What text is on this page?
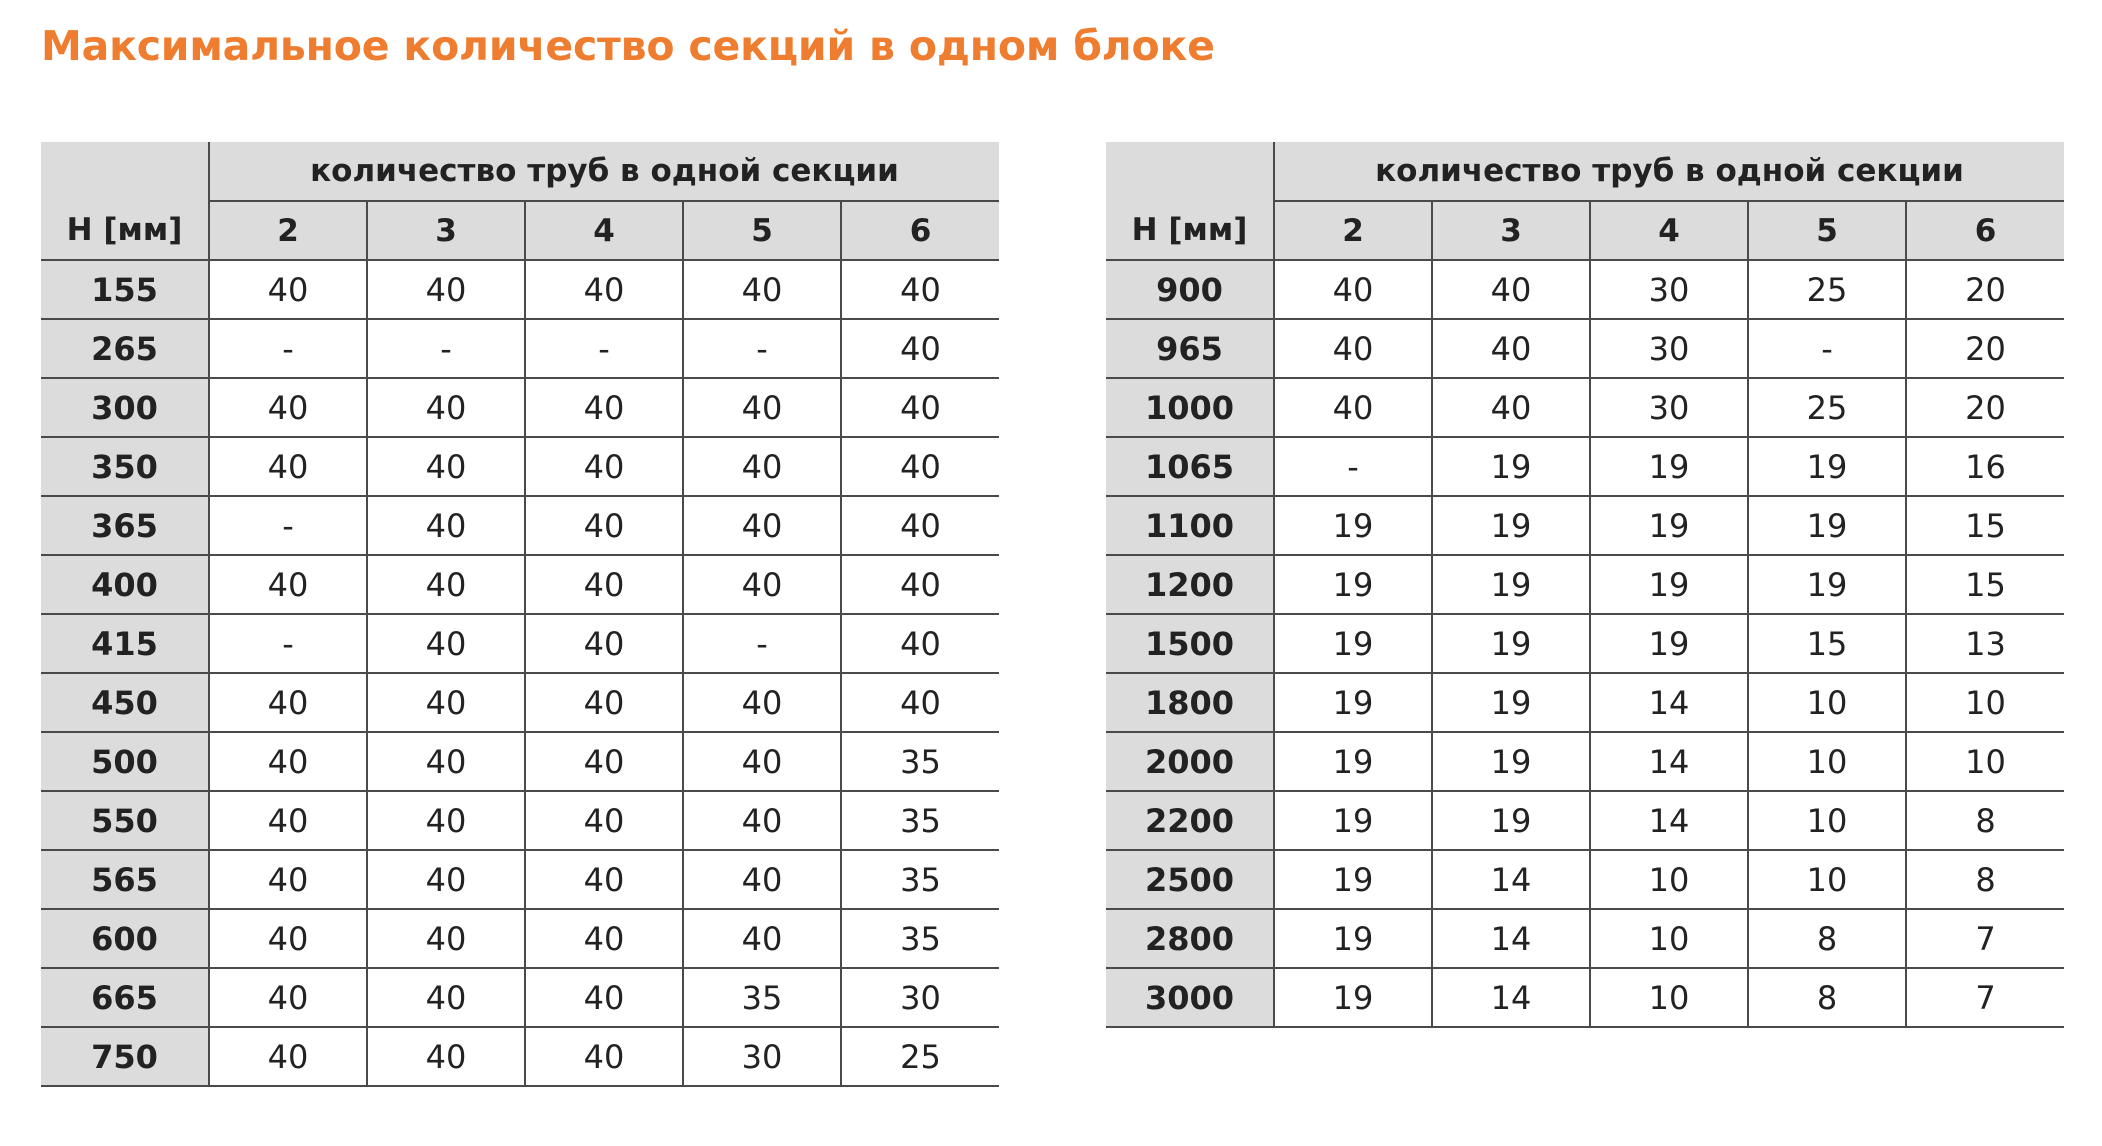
Максимальное количество секций в одном блоке
	количество труб в одной секции				
H [мм]	2	3	4	5	6
155	40	40	40	40	40
265	-	-	-	-	40
300	40	40	40	40	40
350	40	40	40	40	40
365	-	40	40	40	40
400	40	40	40	40	40
415	-	40	40	-	40
450	40	40	40	40	40
500	40	40	40	40	35
550	40	40	40	40	35
565	40	40	40	40	35
600	40	40	40	40	35
665	40	40	40	35	30
750	40	40	40	30	25
	количество труб в одной секции				
H [мм]	2	3	4	5	6
900	40	40	30	25	20
965	40	40	30	-	20
1000	40	40	30	25	20
1065	-	19	19	19	16
1100	19	19	19	19	15
1200	19	19	19	19	15
1500	19	19	19	15	13
1800	19	19	14	10	10
2000	19	19	14	10	10
2200	19	19	14	10	8
2500	19	14	10	10	8
2800	19	14	10	8	7
3000	19	14	10	8	7
